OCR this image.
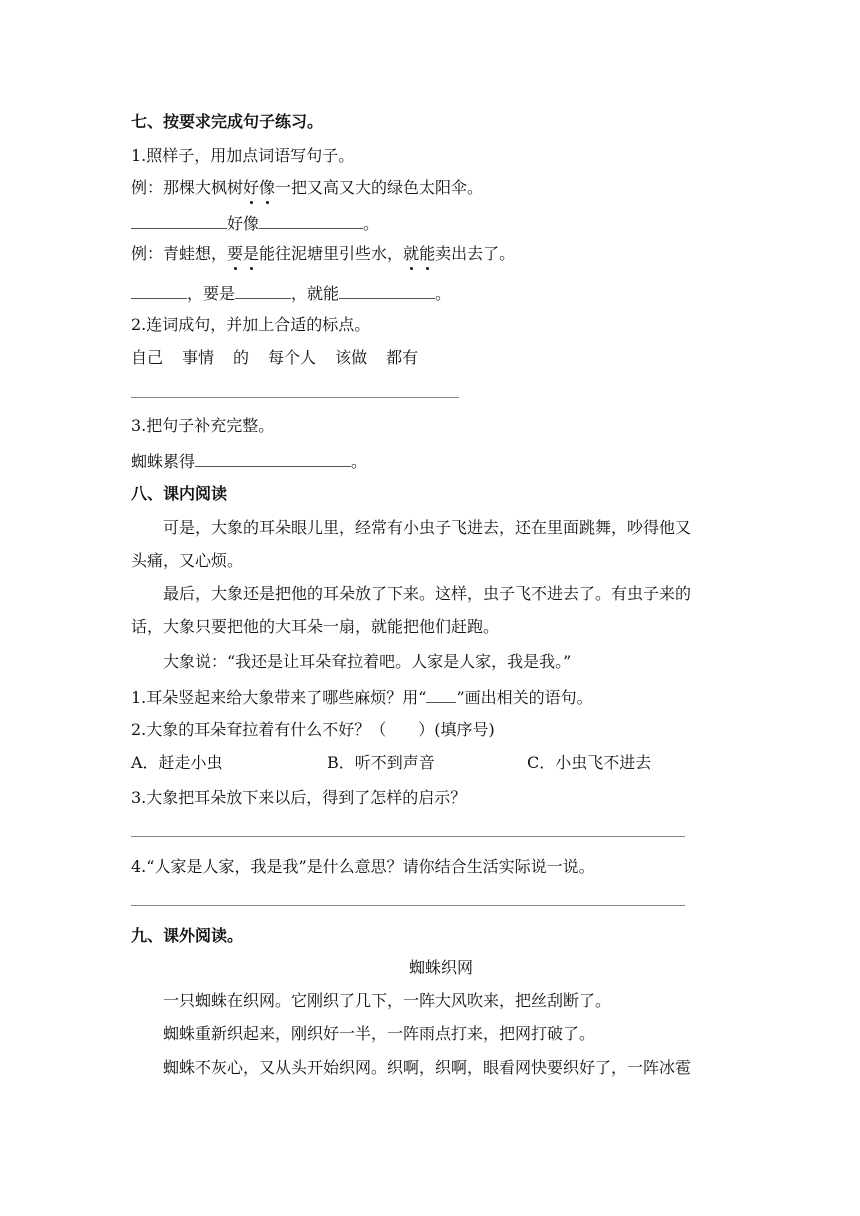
七、按要求完成句子练习。
1.照样子，用加点词语写句子。
例：那棵大枫树好像一把又高又大的绿色太阳伞。
好像	。
例：青蛙想，要是能往泥塘里引些水，就能卖出去了。
，要是	，就能	。
2.连词成句，并加上合适的标点。
自己 事情 的 每个人 该做 都有
3.把句子补充完整。
蜘蛛累得	。
八、课内阅读
可是，大象的耳朵眼儿里，经常有小虫子飞进去，还在里面跳舞，吵得他又
头痛，又心烦。
最后，大象还是把他的耳朵放了下来。这样，虫子飞不进去了。有虫子来的
话，大象只要把他的大耳朵一扇，就能把他们赶跑。
大象说：“我还是让耳朵耷拉着吧。人家是人家，我是我。”
1.耳朵竖起来给大象带来了哪些麻烦？用“ ”画出相关的语句。
2.大象的耳朵耷拉着有什么不好？（　　）(填序号)
A．赶走小虫	B．听不到声音	C．小虫飞不进去
3.大象把耳朵放下来以后，得到了怎样的启示？
4.“人家是人家，我是我”是什么意思？请你结合生活实际说一说。
九、课外阅读。
蜘蛛织网
一只蜘蛛在织网。它刚织了几下，一阵大风吹来，把丝刮断了。
蜘蛛重新织起来，刚织好一半，一阵雨点打来，把网打破了。
蜘蛛不灰心，又从头开始织网。织啊，织啊，眼看网快要织好了，一阵冰雹
